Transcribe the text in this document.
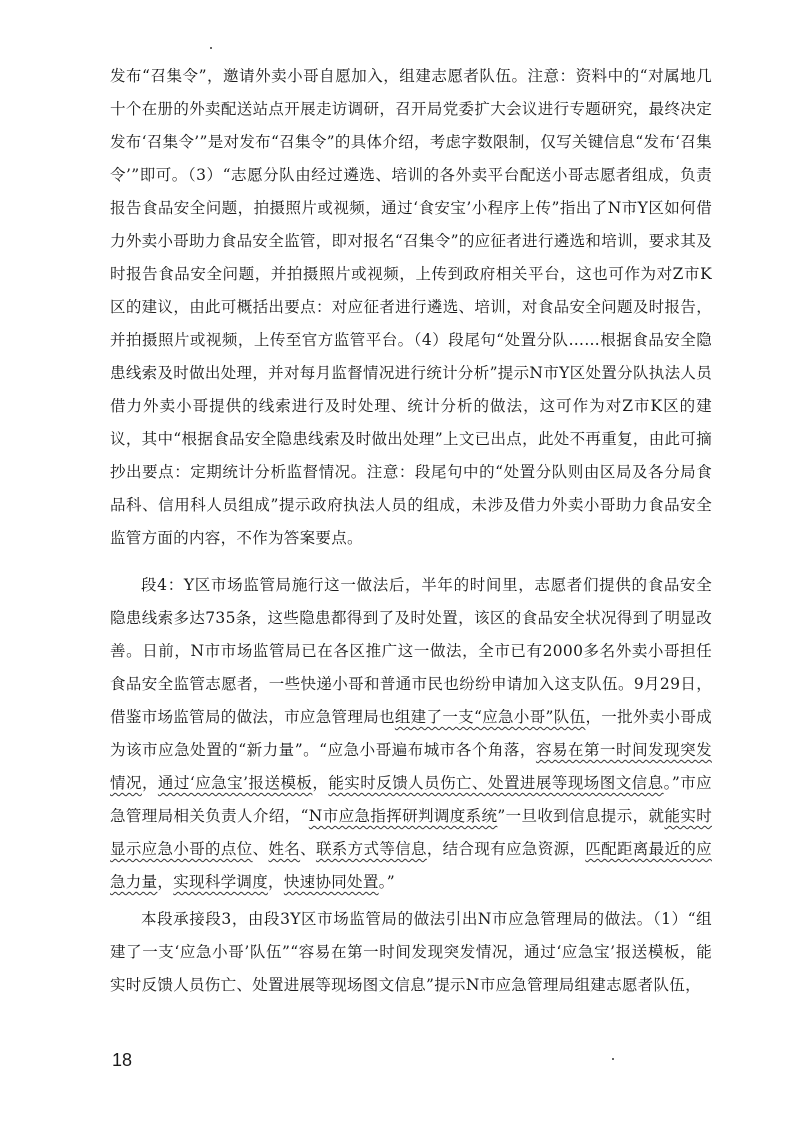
发布“召集令”，邀请外卖小哥自愿加入，组建志愿者队伍。注意：资料中的“对属地几十个在册的外卖配送站点开展走访调研，召开局党委扩大会议进行专题研究，最终决定发布‘召集令’”是对发布“召集令”的具体介绍，考虑字数限制，仅写关键信息“发布‘召集令’”即可。（3）“志愿分队由经过遴选、培训的各外卖平台配送小哥志愿者组成，负责报告食品安全问题，拍摄照片或视频，通过‘食安宝’小程序上传”指出了N市Y区如何借力外卖小哥助力食品安全监管，即对报名“召集令”的应征者进行遴选和培训，要求其及时报告食品安全问题，并拍摄照片或视频，上传到政府相关平台，这也可作为对Z市K区的建议，由此可概括出要点：对应征者进行遴选、培训，对食品安全问题及时报告，并拍摄照片或视频，上传至官方监管平台。（4）段尾句“处置分队……根据食品安全隐患线索及时做出处理，并对每月监督情况进行统计分析”提示N市Y区处置分队执法人员借力外卖小哥提供的线索进行及时处理、统计分析的做法，这可作为对Z市K区的建议，其中“根据食品安全隐患线索及时做出处理”上文已出点，此处不再重复，由此可摘抄出要点：定期统计分析监督情况。注意：段尾句中的“处置分队则由区局及各分局食品科、信用科人员组成”提示政府执法人员的组成，未涉及借力外卖小哥助力食品安全监管方面的内容，不作为答案要点。

段4：Y区市场监管局施行这一做法后，半年的时间里，志愿者们提供的食品安全隐患线索多达735条，这些隐患都得到了及时处置，该区的食品安全状况得到了明显改善。日前，N市市场监管局已在各区推广这一做法，全市已有2000多名外卖小哥担任食品安全监管志愿者，一些快递小哥和普通市民也纷纷申请加入这支队伍。9月29日，借鉴市场监管局的做法，市应急管理局也组建了一支“应急小哥”队伍，一批外卖小哥成为该市应急处置的“新力量”。“应急小哥遍布城市各个角落，容易在第一时间发现突发情况，通过‘应急宝’报送模板，能实时反馈人员伤亡、处置进展等现场图文信息。”市应急管理局相关负责人介绍，“N市应急指挥研判调度系统”一旦收到信息提示，就能实时显示应急小哥的点位、姓名、联系方式等信息，结合现有应急资源，匹配距离最近的应急力量，实现科学调度，快速协同处置。”

本段承接段3，由段3Y区市场监管局的做法引出N市应急管理局的做法。（1）“组建了一支‘应急小哥’队伍”“容易在第一时间发现突发情况，通过‘应急宝’报送模板，能实时反馈人员伤亡、处置进展等现场图文信息”提示N市应急管理局组建志愿者队伍，

18
